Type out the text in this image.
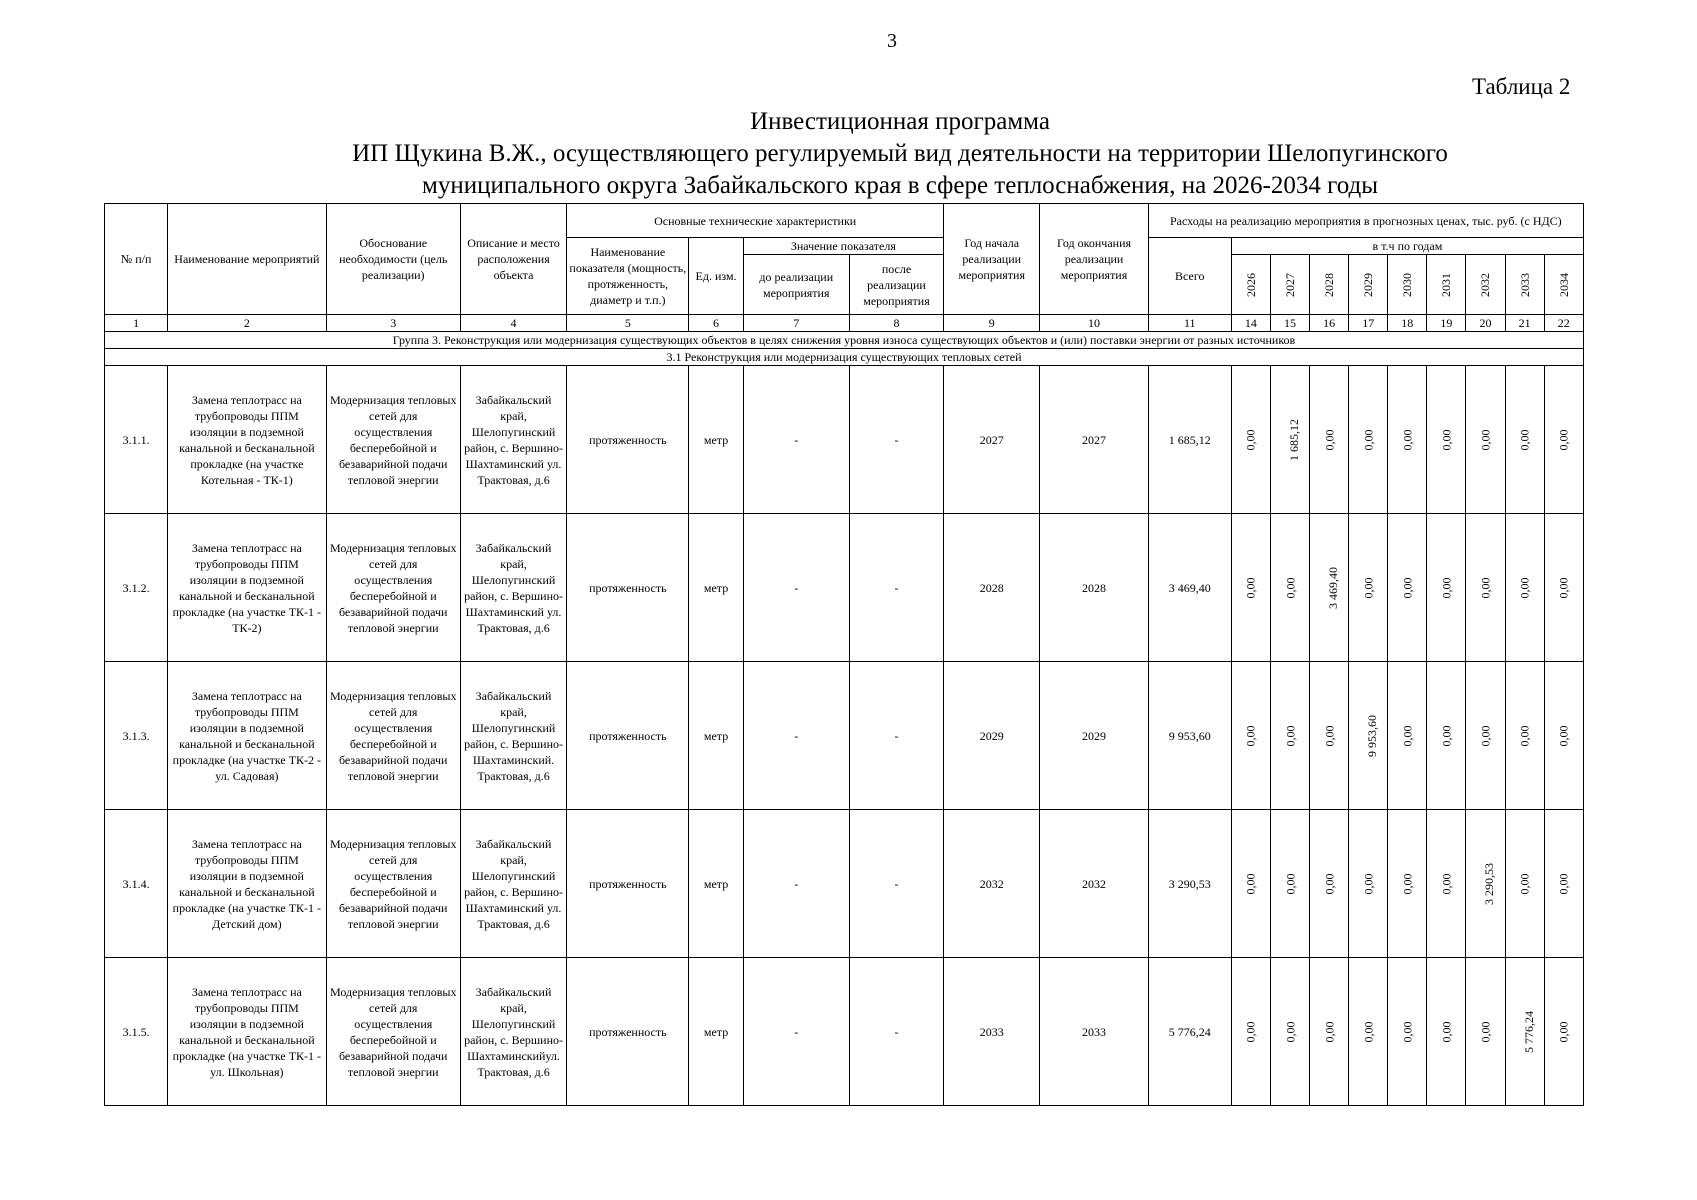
3
Таблица 2
Инвестиционная программа
ИП Щукина В.Ж., осуществляющего регулируемый вид деятельности на территории Шелопугинского
муниципального округа Забайкальского края в сфере теплоснабжения, на 2026-2034 годы
№ п/п	Наименование мероприятий	Обоснование необходимости (цель реализации)	Описание и место расположения объекта	Основные технические характеристики				Год начала реализации мероприятия	Год окончания реализации мероприятия	Расходы на реализацию мероприятия в прогнозных ценах, тыс. руб. (с НДС)									
				Наименование показателя (мощность, протяженность, диаметр и т.п.)	Ед. изм.	Значение показателя				Всего	в т.ч по годам								
						до реализации мероприятия	после реализации мероприятия				2026	2027	2028	2029	2030	2031	2032	2033	2034

1	2	3	4	5	6	7	8	9	10	11	14	15	16	17	18	19	20	21	22
Группа 3. Реконструкция или модернизация существующих объектов в целях снижения уровня износа существующих объектов и (или) поставки энергии от разных источников																			
3.1 Реконструкция или модернизация существующих тепловых сетей																			
3.1.1.	Замена теплотрасс на трубопроводы ППМ изоляции в подземной канальной и бесканальной прокладке (на участке Котельная - ТК-1)	Модернизация тепловых сетей для осуществления бесперебойной и безаварийной подачи тепловой энергии	Забайкальский край, Шелопугинский район, с. Вершино-Шахтаминский ул. Трактовая, д.6	протяженность	метр	-	-	2027	2027	1 685,12	0,00	1 685,12	0,00	0,00	0,00	0,00	0,00	0,00	0,00
3.1.2.	Замена теплотрасс на трубопроводы ППМ изоляции в подземной канальной и бесканальной прокладке (на участке ТК-1 - ТК-2)	Модернизация тепловых сетей для осуществления бесперебойной и безаварийной подачи тепловой энергии	Забайкальский край, Шелопугинский район, с. Вершино-Шахтаминский ул. Трактовая, д.6	протяженность	метр	-	-	2028	2028	3 469,40	0,00	0,00	3 469,40	0,00	0,00	0,00	0,00	0,00	0,00
3.1.3.	Замена теплотрасс на трубопроводы ППМ изоляции в подземной канальной и бесканальной прокладке (на участке ТК-2 - ул. Садовая)	Модернизация тепловых сетей для осуществления бесперебойной и безаварийной подачи тепловой энергии	Забайкальский край, Шелопугинский район, с. Вершино-Шахтаминский. Трактовая, д.6	протяженность	метр	-	-	2029	2029	9 953,60	0,00	0,00	0,00	9 953,60	0,00	0,00	0,00	0,00	0,00
3.1.4.	Замена теплотрасс на трубопроводы ППМ изоляции в подземной канальной и бесканальной прокладке (на участке ТК-1 - Детский дом)	Модернизация тепловых сетей для осуществления бесперебойной и безаварийной подачи тепловой энергии	Забайкальский край, Шелопугинский район, с. Вершино-Шахтаминский ул. Трактовая, д.6	протяженность	метр	-	-	2032	2032	3 290,53	0,00	0,00	0,00	0,00	0,00	0,00	3 290,53	0,00	0,00
3.1.5.	Замена теплотрасс на трубопроводы ППМ изоляции в подземной канальной и бесканальной прокладке (на участке ТК-1 - ул. Школьная)	Модернизация тепловых сетей для осуществления бесперебойной и безаварийной подачи тепловой энергии	Забайкальский край, Шелопугинский район, с. Вершино-Шахтаминскийул. Трактовая, д.6	протяженность	метр	-	-	2033	2033	5 776,24	0,00	0,00	0,00	0,00	0,00	0,00	0,00	5 776,24	0,00
